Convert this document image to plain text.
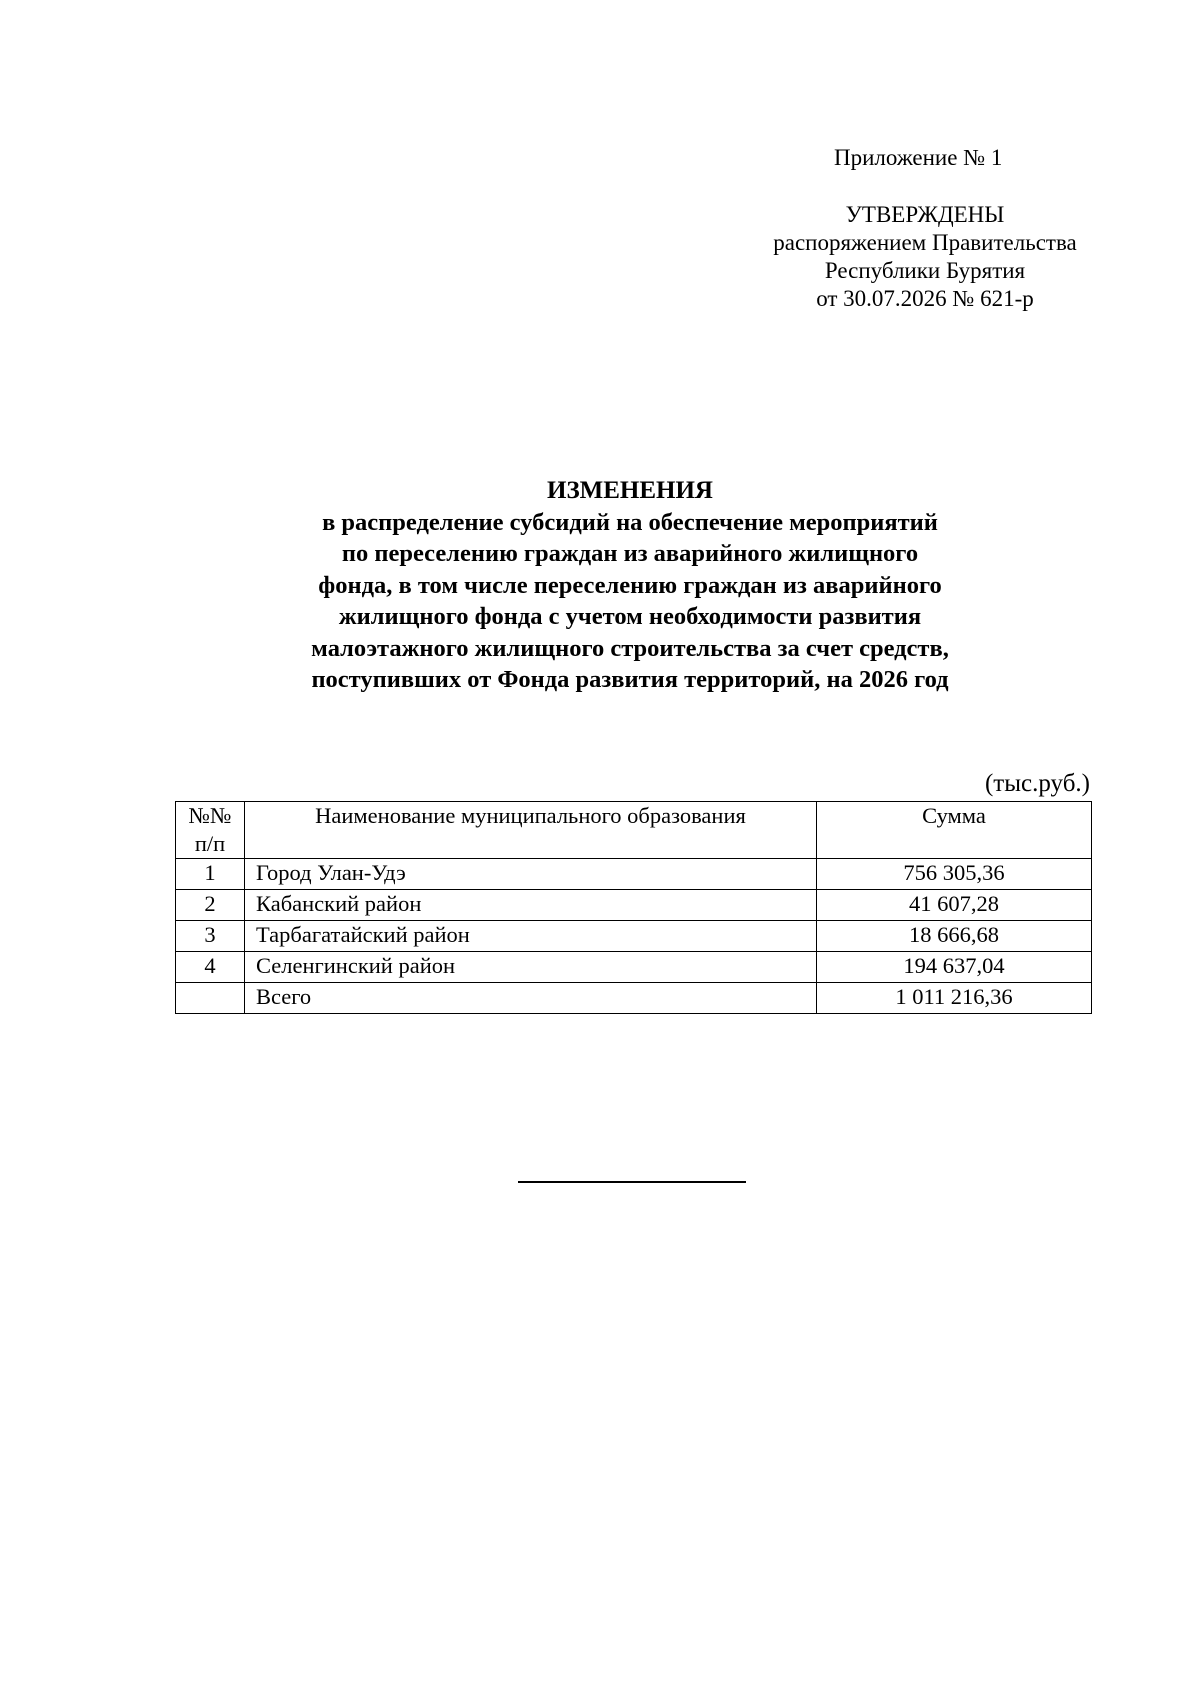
Приложение № 1
УТВЕРЖДЕНЫ
распоряжением Правительства
Республики Бурятия
от 30.07.2026 № 621-р
ИЗМЕНЕНИЯ
в распределение субсидий на обеспечение мероприятий
по переселению граждан из аварийного жилищного
фонда, в том числе переселению граждан из аварийного
жилищного фонда с учетом необходимости развития
малоэтажного жилищного строительства за счет средств,
поступивших от Фонда развития территорий, на 2026 год
(тыс.руб.)
№№
п/п	Наименование муниципального образования	Сумма
1	Город Улан-Удэ	756 305,36
2	Кабанский район	41 607,28
3	Тарбагатайский район	18 666,68
4	Селенгинский район	194 637,04
	Всего	1 011 216,36
